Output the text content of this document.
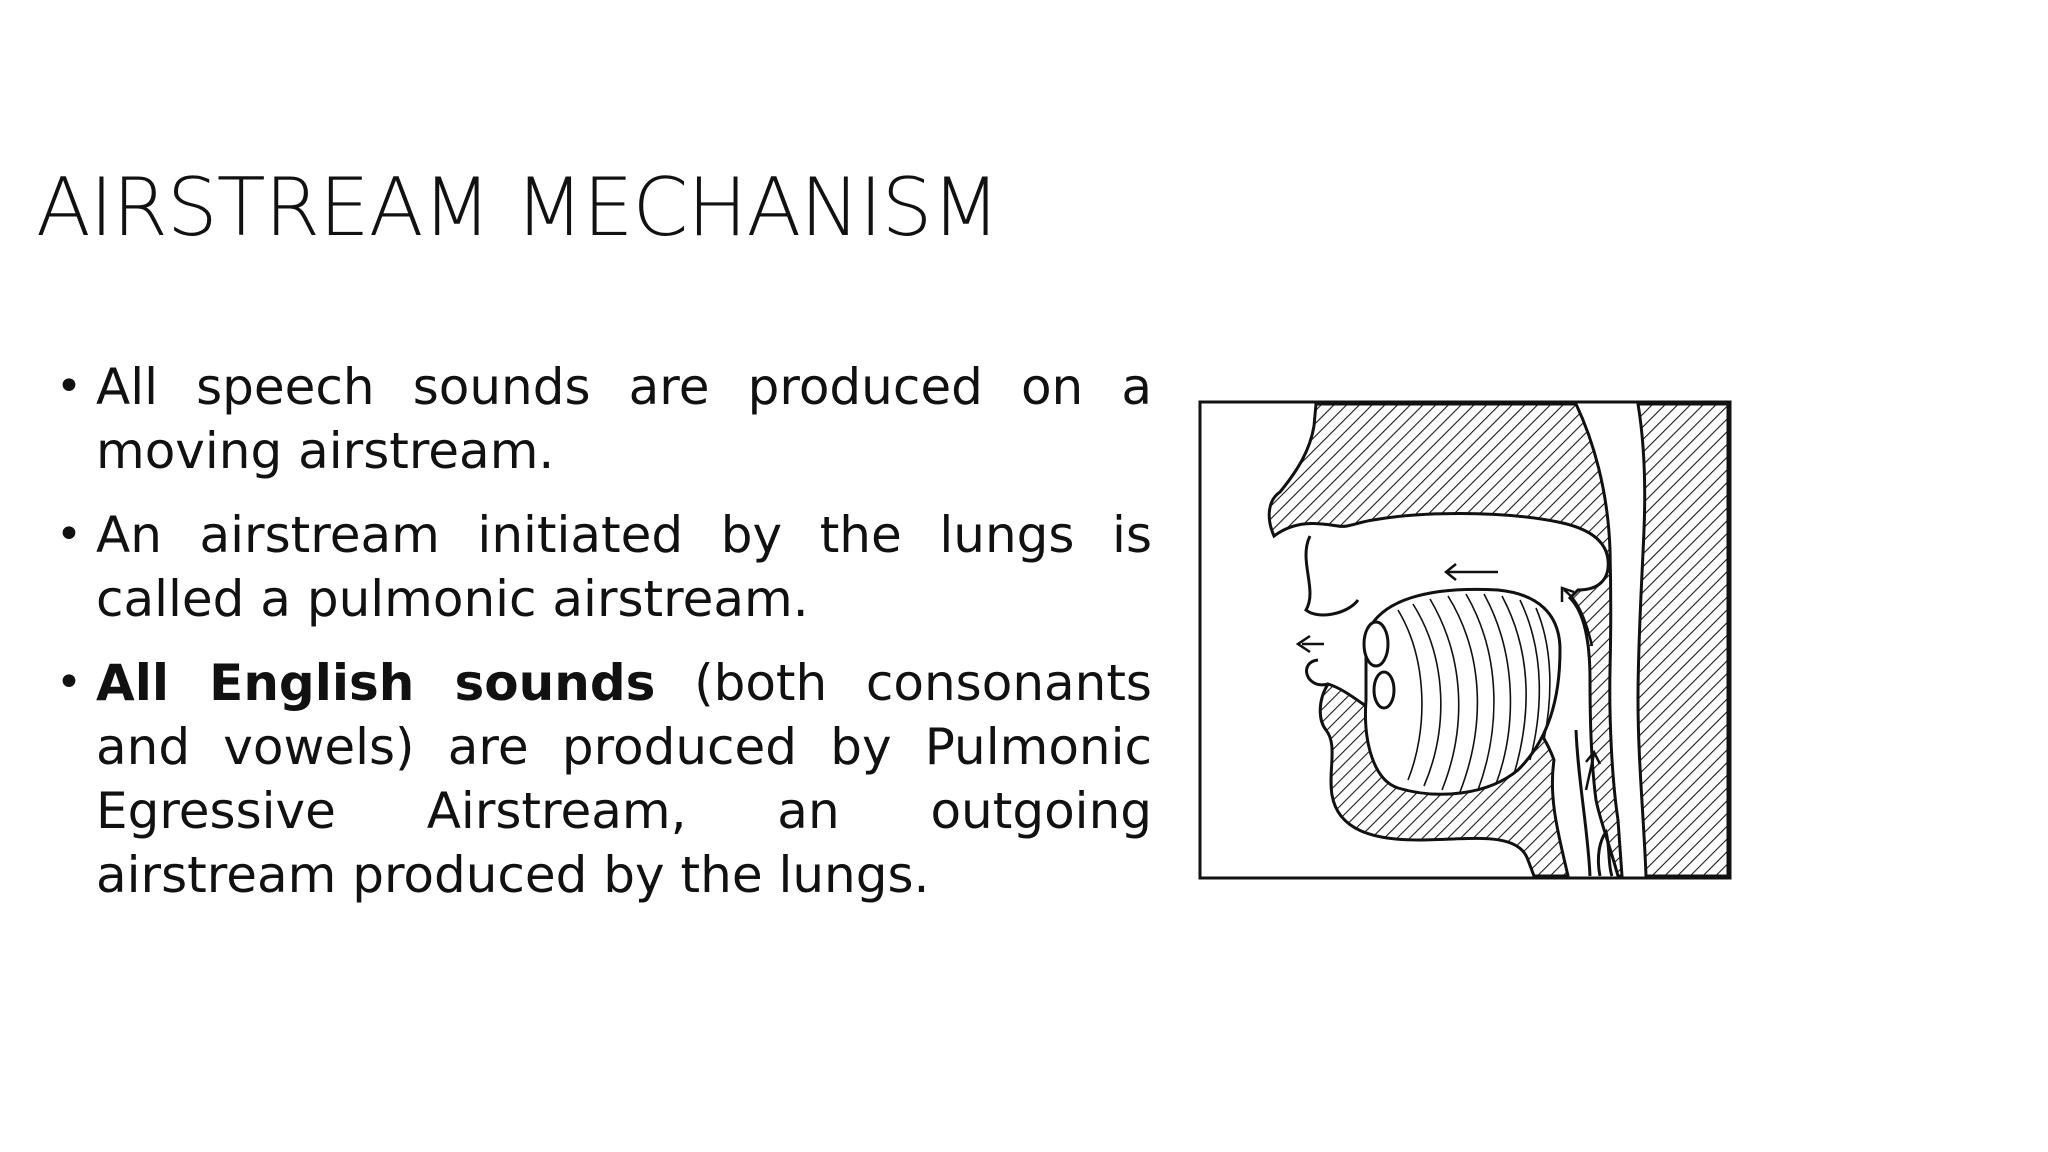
AIRSTREAM MECHANISM
• All speech sounds are produced on a moving airstream.
• An airstream initiated by the lungs is called a pulmonic airstream.
• All English sounds (both consonants and vowels) are produced by Pulmonic Egressive Airstream, an outgoing airstream produced by the lungs.
